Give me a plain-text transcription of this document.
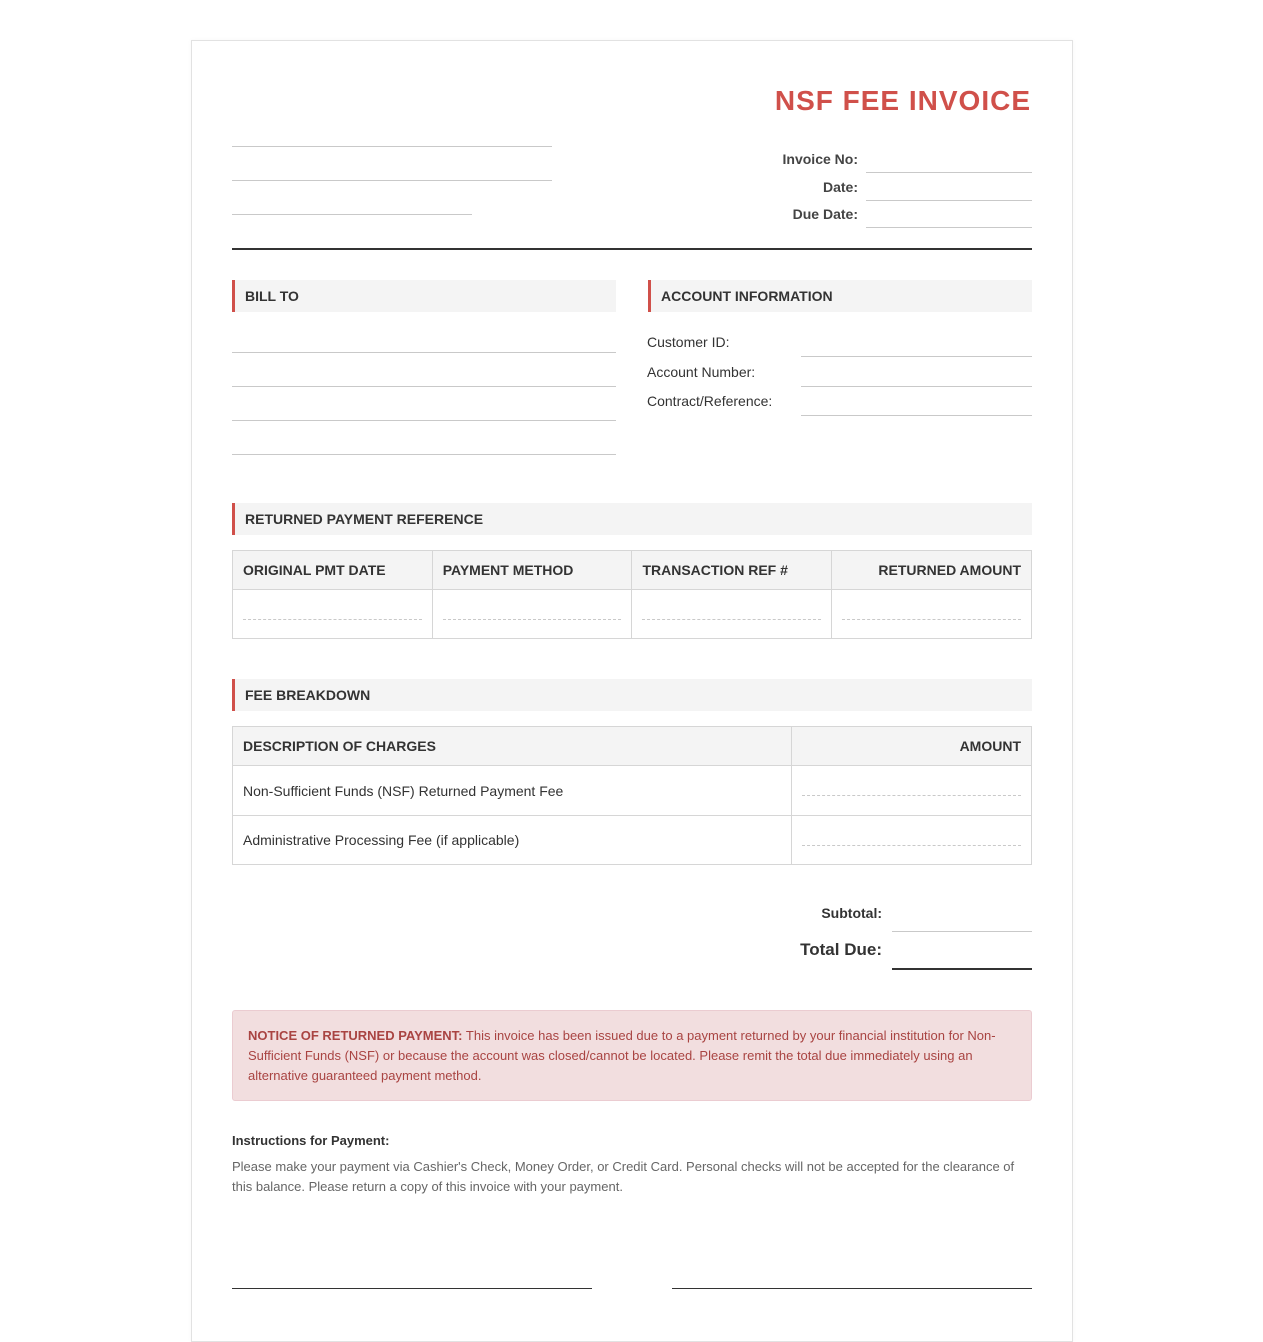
NSF FEE INVOICE
Invoice No:
Date:
Due Date:
BILL TO	ACCOUNT INFORMATION
Customer ID:
Account Number:
Contract/Reference:
RETURNED PAYMENT REFERENCE
ORIGINAL PMT DATE	PAYMENT METHOD	TRANSACTION REF #	RETURNED AMOUNT

FEE BREAKDOWN
DESCRIPTION OF CHARGES	AMOUNT
Non-Sufficient Funds (NSF) Returned Payment Fee	

Administrative Processing Fee (if applicable)	
Subtotal:
Total Due:
NOTICE OF RETURNED PAYMENT: This invoice has been issued due to a payment returned by your financial institution for Non-Sufficient Funds (NSF) or because the account was closed/cannot be located. Please remit the total due immediately using an alternative guaranteed payment method.
Instructions for Payment:
Please make your payment via Cashier's Check, Money Order, or Credit Card. Personal checks will not be accepted for the clearance of this balance. Please return a copy of this invoice with your payment.
